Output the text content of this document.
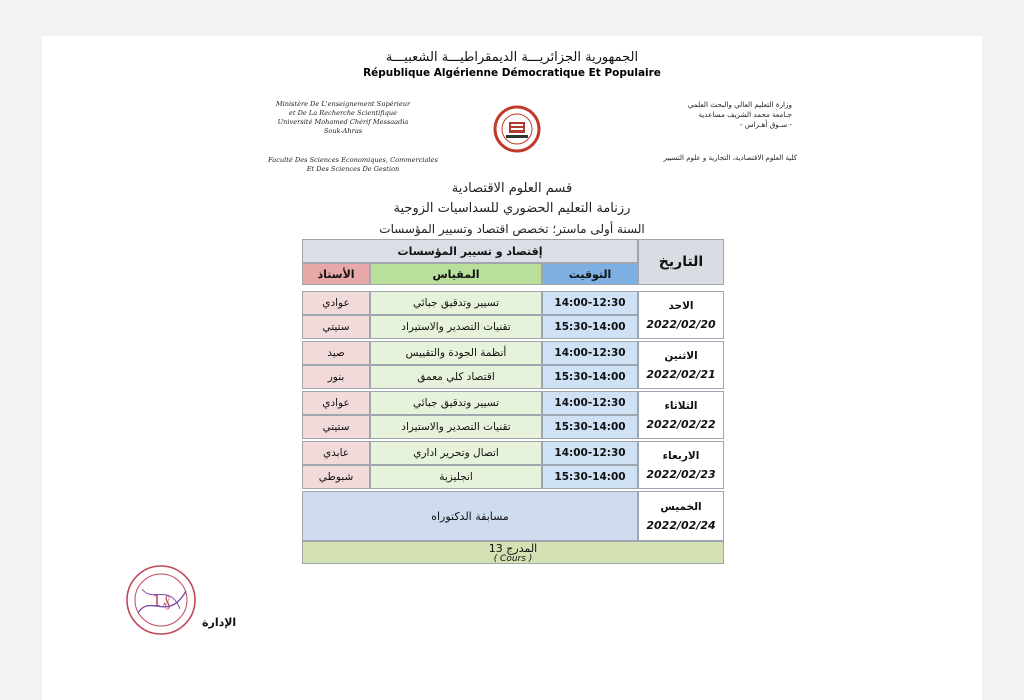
الجمهورية الجزائريـــة الديمقراطيـــة الشعبيـــة
République Algérienne Démocratique Et Populaire
Ministère De L'enseignement Supérieur
et De La Recherche Scientifique
Université Mohamed Chérif Messaadia
Souk-Ahras
Faculté Des Sciences Economiques, Commerciales
Et Des Sciences De Gestion
وزارة التعليم العالي والبحث العلمي
جـامعة محمد الشريف مساعدية
- سـوق أهـراس -
كلية العلوم الاقتصادية، التجارية و علوم التسيير
قسم العلوم الاقتصادية
رزنامة التعليم الحضوري للسداسيات الزوجية
السنة أولى ماستر؛ تخصص اقتصاد وتسيير المؤسسات
التاريخ
إقتصاد و تسيير المؤسسات
الأستاذ	المقياس	التوقيت
الاحد
2022/02/20
عوادي	تسيير وتدقيق جبائي	14:00-12:30
ستيتي	تقنيات التصدير والاستيراد	15:30-14:00
الاثنين
2022/02/21
صيد	أنظمة الجودة والتقييس	14:00-12:30
بنور	اقتصاد كلي معمق	15:30-14:00
الثلاثاء
2022/02/22
عوادي	تسيير وتدقيق جبائي	14:00-12:30
ستيتي	تقنيات التصدير والاستيراد	15:30-14:00
الاربعاء
2022/02/23
عابدي	اتصال وتحرير اداري	14:00-12:30
شبوطي	انجليزية	15:30-14:00
الخميس
2022/02/24
مسابقة الدكتوراه
المدرج 13
( Cours )
1₰
الإدارة
